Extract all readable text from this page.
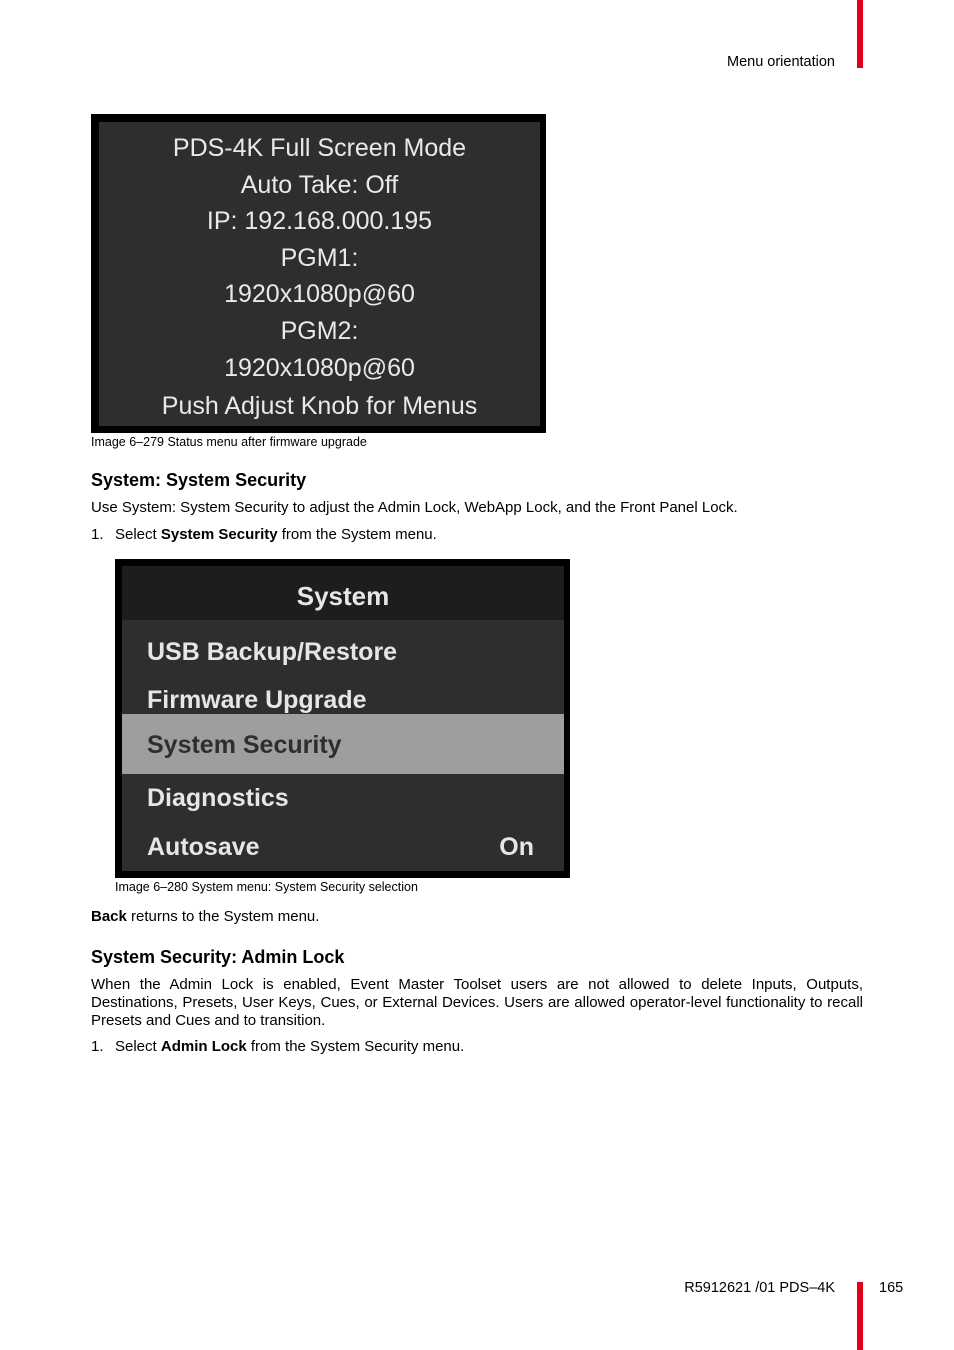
Menu orientation
PDS-4K Full Screen Mode
Auto Take: Off
IP: 192.168.000.195
PGM1:
1920x1080p@60
PGM2:
1920x1080p@60
Push Adjust Knob for Menus
Image 6–279 Status menu after firmware upgrade
System: System Security
Use System: System Security to adjust the Admin Lock, WebApp Lock, and the Front Panel Lock.
1. Select System Security from the System menu.
System
USB Backup/Restore
Firmware Upgrade
System Security
Diagnostics
Autosave	On
Image 6–280 System menu: System Security selection
Back returns to the System menu.
System Security: Admin Lock
When the Admin Lock is enabled, Event Master Toolset users are not allowed to delete Inputs, Outputs, Destinations, Presets, User Keys, Cues, or External Devices. Users are allowed operator-level functionality to recall Presets and Cues and to transition.
1. Select Admin Lock from the System Security menu.
R5912621 /01 PDS–4K	165
